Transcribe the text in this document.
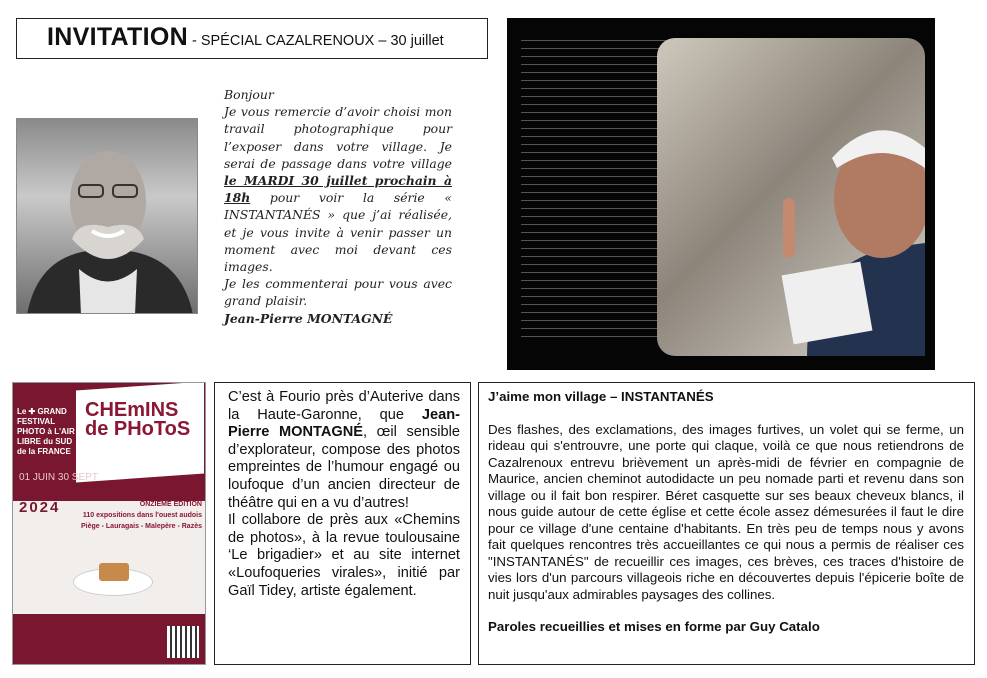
INVITATION - SPÉCIAL CAZALRENOUX – 30 juillet
Bonjour
Je vous remercie d’avoir choisi mon travail photographique pour l’exposer dans votre village. Je serai de passage dans votre village le MARDI 30 juillet prochain à 18h pour voir la série « INSTANTANÉS » que j’ai réalisée, et je vous invite à venir passer un moment avec moi devant ces images.
Je les commenterai pour vous avec grand plaisir.
Jean-Pierre MONTAGNÉ
CHEmINS de PHoToS
Le ✚ GRAND FESTIVAL PHOTO à L'AIR LIBRE du SUD de la FRANCE
01 JUIN 30 SEPT
2024	ONZIÈME ÉDITION
110 expositions dans l'ouest audois
Piège - Lauragais - Malepère - Razès
C’est à Fourio près d’Auterive dans la Haute-Garonne, que Jean-Pierre MONTAGNÉ, œil sensible d’explorateur, compose des photos empreintes de l’humour engagé ou loufoque d’un ancien directeur de théâtre qui en a vu d’autres!
Il collabore de près aux «Chemins de photos», à la revue toulousaine ‘Le brigadier» et au site internet «Loufoqueries virales», initié par Gaïl Tidey, artiste également.
J’aime mon village – INSTANTANÉS
Des flashes, des exclamations, des images furtives, un volet qui se ferme, un rideau qui s'entrouvre, une porte qui claque, voilà ce que nous retiendrons de Cazalrenoux entrevu brièvement un après-midi de février en compagnie de Maurice, ancien cheminot autodidacte un peu nomade parti et revenu dans son village ou il fait bon respirer. Béret casquette sur ses beaux cheveux blancs, il nous guide autour de cette église et cette école assez démesurées il faut le dire pour ce village d'une centaine d'habitants. En très peu de temps nous y avons fait quelques rencontres très accueillantes ce qui nous a permis de réaliser ces "INSTANTANÉS" de recueillir ces images, ces brèves, ces traces d'histoire de vies lors d'un parcours villageois riche en découvertes depuis l'épicerie boîte de nuit jusqu'aux admirables paysages des collines.
Paroles recueillies et mises en forme par Guy Catalo
